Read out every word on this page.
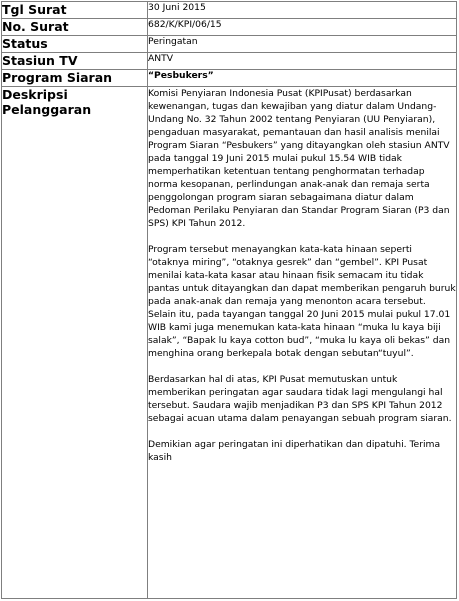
Tgl Surat	30 Juni 2015
No. Surat	682/K/KPI/06/15
Status	Peringatan
Stasiun TV	ANTV
Program Siaran	“Pesbukers”
Deskripsi Pelanggaran	Komisi Penyiaran Indonesia Pusat (KPIPusat) berdasarkan kewenangan, tugas dan kewajiban yang diatur dalam Undang-Undang No. 32 Tahun 2002 tentang Penyiaran (UU Penyiaran), pengaduan masyarakat, pemantauan dan hasil analisis menilai Program Siaran “Pesbukers” yang ditayangkan oleh stasiun ANTV pada tanggal 19 Juni 2015 mulai pukul 15.54 WIB tidak memperhatikan ketentuan tentang penghormatan terhadap norma kesopanan, perlindungan anak-anak dan remaja serta penggolongan program siaran sebagaimana diatur dalam Pedoman Perilaku Penyiaran dan Standar Program Siaran (P3 dan SPS) KPI Tahun 2012.

Program tersebut menayangkan kata-kata hinaan seperti “otaknya miring”, “otaknya gesrek” dan “gembel”. KPI Pusat menilai kata-kata kasar atau hinaan fisik semacam itu tidak pantas untuk ditayangkan dan dapat memberikan pengaruh buruk pada anak-anak dan remaja yang menonton acara tersebut. Selain itu, pada tayangan tanggal 20 Juni 2015 mulai pukul 17.01 WIB kami juga menemukan kata-kata hinaan “muka lu kaya biji salak”, “Bapak lu kaya cotton bud”, “muka lu kaya oli bekas” dan menghina orang berkepala botak dengan sebutan“tuyul”.

Berdasarkan hal di atas, KPI Pusat memutuskan untuk memberikan peringatan agar saudara tidak lagi mengulangi hal tersebut. Saudara wajib menjadikan P3 dan SPS KPI Tahun 2012 sebagai acuan utama dalam penayangan sebuah program siaran.

Demikian agar peringatan ini diperhatikan dan dipatuhi. Terima kasih
